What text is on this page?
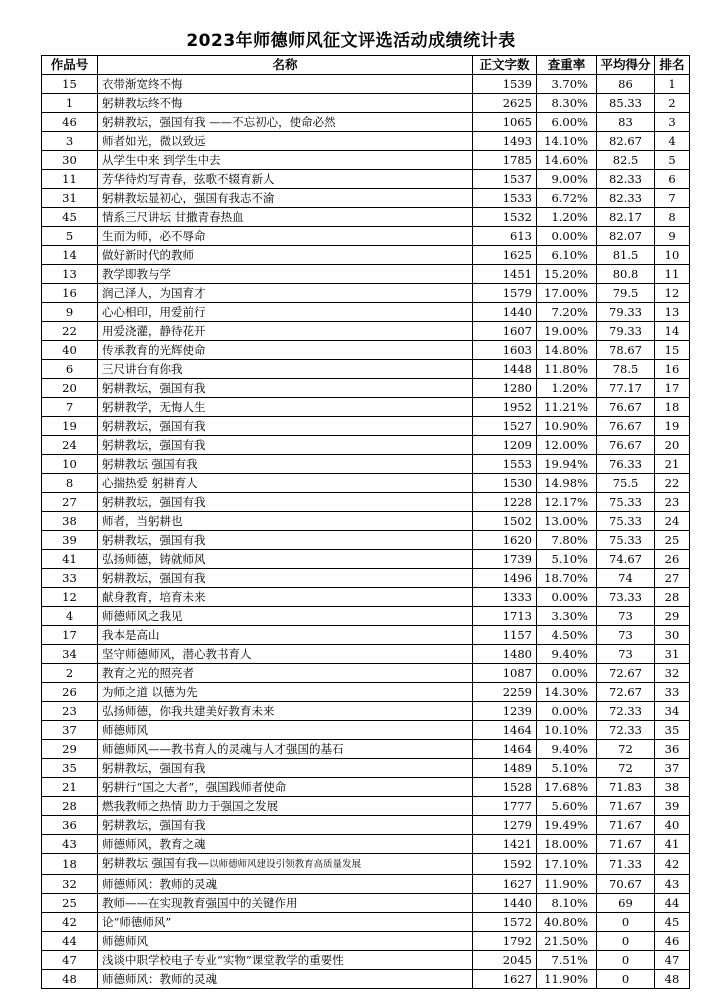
2023年师德师风征文评选活动成绩统计表
作品号	名称	正文字数	查重率	平均得分	排名
15	衣带渐宽终不悔	1539	3.70%	86	1
1	躬耕教坛终不悔	2625	8.30%	85.33	2
46	躬耕教坛，强国有我 ——不忘初心，使命必然	1065	6.00%	83	3
3	师者如光，微以致远	1493	14.10%	82.67	4
30	从学生中来 到学生中去	1785	14.60%	82.5	5
11	芳华待灼写青春，弦歌不辍育新人	1537	9.00%	82.33	6
31	躬耕教坛显初心，强国有我志不渝	1533	6.72%	82.33	7
45	情系三尺讲坛 甘撒青春热血	1532	1.20%	82.17	8
5	生而为师，必不辱命	613	0.00%	82.07	9
14	做好新时代的教师	1625	6.10%	81.5	10
13	教学即教与学	1451	15.20%	80.8	11
16	润己泽人，为国育才	1579	17.00%	79.5	12
9	心心相印，用爱前行	1440	7.20%	79.33	13
22	用爱浇灌，静待花开	1607	19.00%	79.33	14
40	传承教育的光辉使命	1603	14.80%	78.67	15
6	三尺讲台有你我	1448	11.80%	78.5	16
20	躬耕教坛，强国有我	1280	1.20%	77.17	17
7	躬耕教学，无悔人生	1952	11.21%	76.67	18
19	躬耕教坛，强国有我	1527	10.90%	76.67	19
24	躬耕教坛，强国有我	1209	12.00%	76.67	20
10	躬耕教坛 强国有我	1553	19.94%	76.33	21
8	心揣热爱 躬耕育人	1530	14.98%	75.5	22
27	躬耕教坛，强国有我	1228	12.17%	75.33	23
38	师者，当躬耕也	1502	13.00%	75.33	24
39	躬耕教坛，强国有我	1620	7.80%	75.33	25
41	弘扬师德，铸就师风	1739	5.10%	74.67	26
33	躬耕教坛，强国有我	1496	18.70%	74	27
12	献身教育，培育未来	1333	0.00%	73.33	28
4	师德师风之我见	1713	3.30%	73	29
17	我本是高山	1157	4.50%	73	30
34	坚守师德师风，潜心教书育人	1480	9.40%	73	31
2	教育之光的照亮者	1087	0.00%	72.67	32
26	为师之道 以德为先	2259	14.30%	72.67	33
23	弘扬师德，你我共建美好教育未来	1239	0.00%	72.33	34
37	师德师风	1464	10.10%	72.33	35
29	师德师风——教书育人的灵魂与人才强国的基石	1464	9.40%	72	36
35	躬耕教坛，强国有我	1489	5.10%	72	37
21	躬耕行“国之大者”，强国践师者使命	1528	17.68%	71.83	38
28	燃我教师之热情 助力于强国之发展	1777	5.60%	71.67	39
36	躬耕教坛，强国有我	1279	19.49%	71.67	40
43	师德师风，教育之魂	1421	18.00%	71.67	41
18	躬耕教坛 强国有我—以师德师风建设引领教育高质量发展	1592	17.10%	71.33	42
32	师德师风：教师的灵魂	1627	11.90%	70.67	43
25	教师——在实现教育强国中的关键作用	1440	8.10%	69	44
42	论“师德师风”	1572	40.80%	0	45
44	师德师风	1792	21.50%	0	46
47	浅谈中职学校电子专业“实物”课堂教学的重要性	2045	7.51%	0	47
48	师德师风：教师的灵魂	1627	11.90%	0	48
